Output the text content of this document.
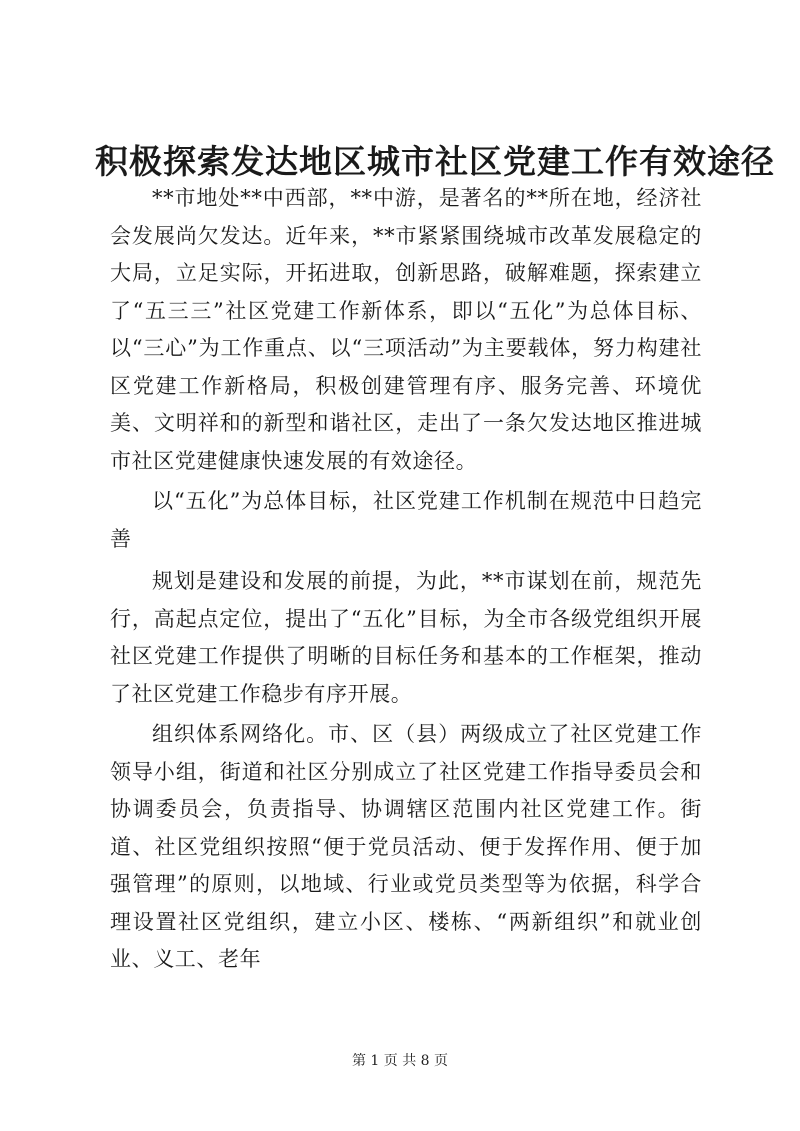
积极探索发达地区城市社区党建工作有效途径

**市地处**中西部，**中游，是著名的**所在地，经济社会发展尚欠发达。近年来，**市紧紧围绕城市改革发展稳定的大局，立足实际，开拓进取，创新思路，破解难题，探索建立了“五三三”社区党建工作新体系，即以“五化”为总体目标、以“三心”为工作重点、以“三项活动”为主要载体，努力构建社区党建工作新格局，积极创建管理有序、服务完善、环境优美、文明祥和的新型和谐社区，走出了一条欠发达地区推进城市社区党建健康快速发展的有效途径。

以“五化”为总体目标，社区党建工作机制在规范中日趋完善

规划是建设和发展的前提，为此，**市谋划在前，规范先行，高起点定位，提出了“五化”目标，为全市各级党组织开展社区党建工作提供了明晰的目标任务和基本的工作框架，推动了社区党建工作稳步有序开展。

组织体系网络化。市、区（县）两级成立了社区党建工作领导小组，街道和社区分别成立了社区党建工作指导委员会和协调委员会，负责指导、协调辖区范围内社区党建工作。街道、社区党组织按照“便于党员活动、便于发挥作用、便于加强管理”的原则，以地域、行业或党员类型等为依据，科学合理设置社区党组织，建立小区、楼栋、“两新组织”和就业创业、义工、老年

第 1 页 共 8 页
